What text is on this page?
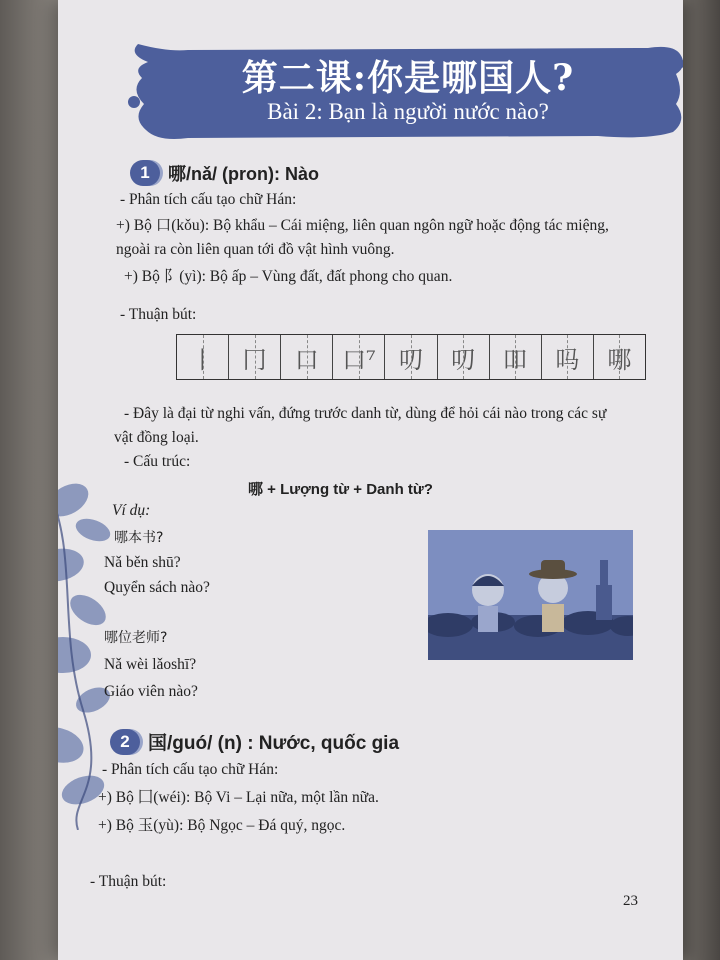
第二课:你是哪国人?
Bài 2: Bạn là người nước nào?
1	哪/nǎ/ (pron): Nào
- Phân tích cấu tạo chữ Hán:
+) Bộ 口(kǒu): Bộ khẩu – Cái miệng, liên quan ngôn ngữ hoặc động tác miệng,
ngoài ra còn liên quan tới đồ vật hình vuông.
+) Bộ 阝(yì): Bộ ấp – Vùng đất, đất phong cho quan.
- Thuận bút:
丨	冂	口 口⁷ 叨	叨	吅	吗	哪
- Đây là đại từ nghi vấn, đứng trước danh từ, dùng để hỏi cái nào trong các sự
vật đồng loại.
- Cấu trúc:
哪 + Lượng từ + Danh từ?
Ví dụ:
哪本书?
Nǎ běn shū?
Quyển sách nào?
哪位老师?
Nǎ wèi lǎoshī?
Giáo viên nào?
2 国/guó/ (n) : Nước, quốc gia
- Phân tích cấu tạo chữ Hán:
+) Bộ 囗(wéi): Bộ Vi – Lại nữa, một lần nữa.
+) Bộ 玉(yù): Bộ Ngọc – Đá quý, ngọc.
- Thuận bút:
23
